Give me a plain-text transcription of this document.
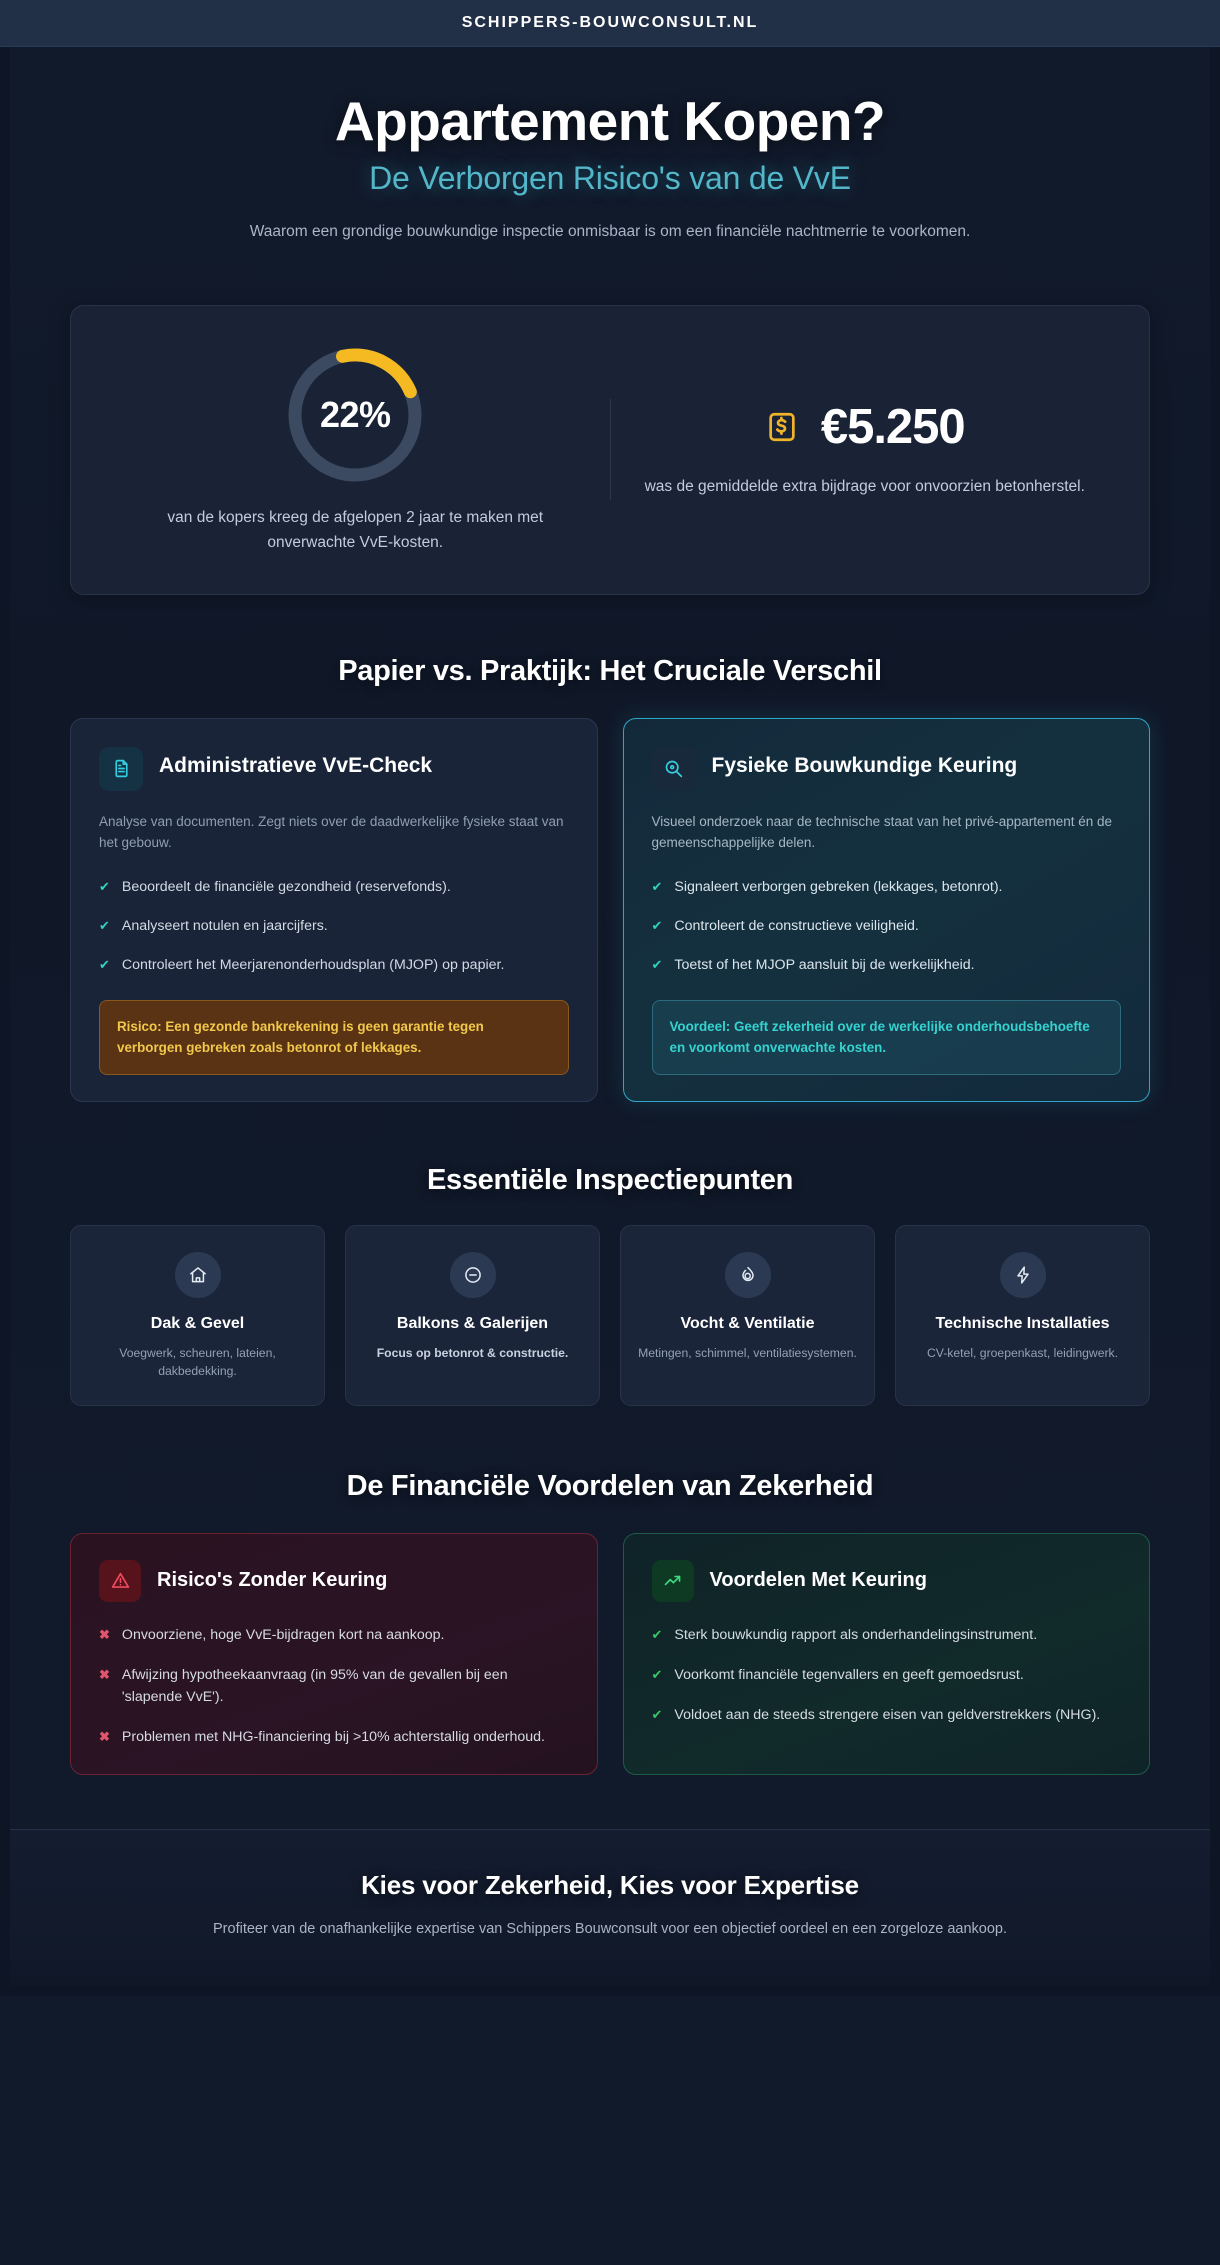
SCHIPPERS-BOUWCONSULT.NL
Appartement Kopen?
De Verborgen Risico's van de VvE

Waarom een grondige bouwkundige inspectie onmisbaar is om een financiële nachtmerrie te voorkomen.

22%
van de kopers kreeg de afgelopen 2 jaar te maken met onverwachte VvE-kosten.
€5.250
was de gemiddelde extra bijdrage voor onvoorzien betonherstel.
Papier vs. Praktijk: Het Cruciale Verschil
Administratieve VvE-Check
Analyse van documenten. Zegt niets over de daadwerkelijke fysieke staat van het gebouw.
✔ Beoordeelt de financiële gezondheid (reservefonds).
✔ Analyseert notulen en jaarcijfers.
✔ Controleert het Meerjarenonderhoudsplan (MJOP) op papier.
Risico: Een gezonde bankrekening is geen garantie tegen verborgen gebreken zoals betonrot of lekkages.
Fysieke Bouwkundige Keuring
Visueel onderzoek naar de technische staat van het privé-appartement én de gemeenschappelijke delen.
✔ Signaleert verborgen gebreken (lekkages, betonrot).
✔ Controleert de constructieve veiligheid.
✔ Toetst of het MJOP aansluit bij de werkelijkheid.
Voordeel: Geeft zekerheid over de werkelijke onderhoudsbehoefte en voorkomt onverwachte kosten.
Essentiële Inspectiepunten
Dak & Gevel
Voegwerk, scheuren, lateien, dakbedekking.
Balkons & Galerijen
Focus op betonrot & constructie.
Vocht & Ventilatie
Metingen, schimmel, ventilatiesystemen.
Technische Installaties
CV-ketel, groepenkast, leidingwerk.
De Financiële Voordelen van Zekerheid
Risico's Zonder Keuring
✖ Onvoorziene, hoge VvE-bijdragen kort na aankoop.
✖ Afwijzing hypotheekaanvraag (in 95% van de gevallen bij een 'slapende VvE').
✖ Problemen met NHG-financiering bij >10% achterstallig onderhoud.
Voordelen Met Keuring
✔ Sterk bouwkundig rapport als onderhandelingsinstrument.
✔ Voorkomt financiële tegenvallers en geeft gemoedsrust.
✔ Voldoet aan de steeds strengere eisen van geldverstrekkers (NHG).
Kies voor Zekerheid, Kies voor Expertise

Profiteer van de onafhankelijke expertise van Schippers Bouwconsult voor een objectief oordeel en een zorgeloze aankoop.
